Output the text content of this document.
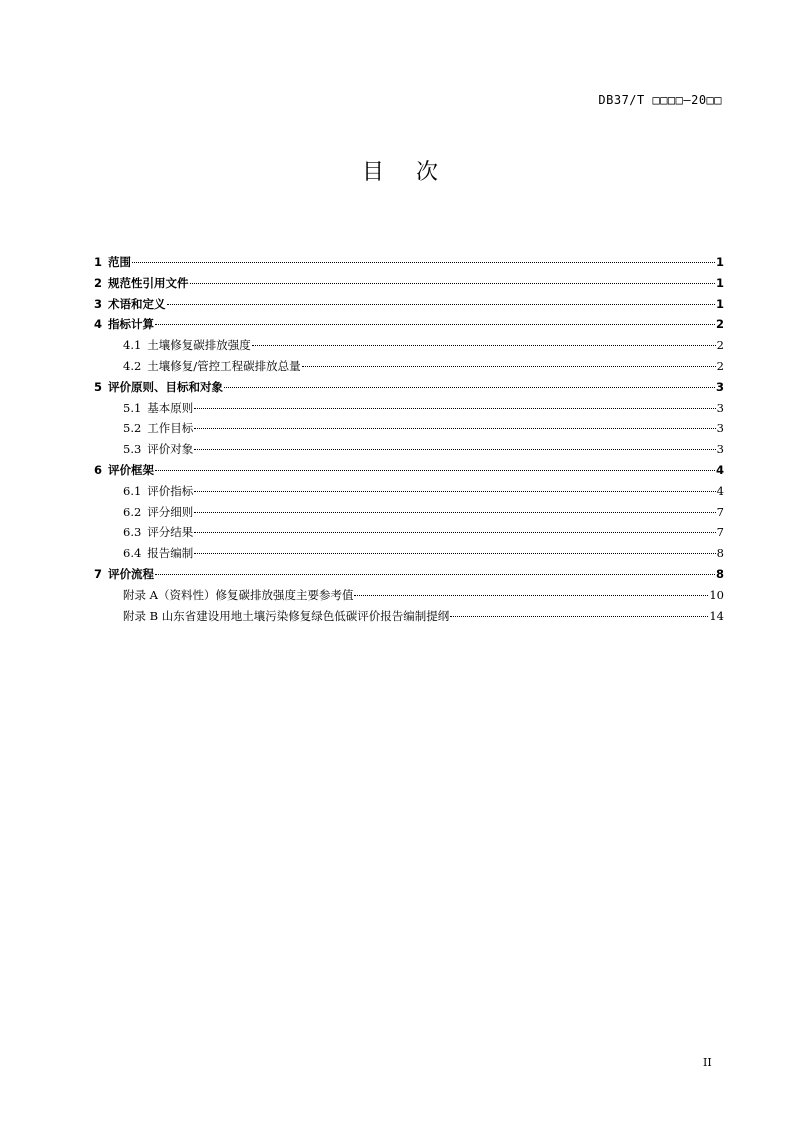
DB37/T □□□□—20□□
目次
1 范围	1
2 规范性引用文件	1
3 术语和定义	1
4 指标计算	2
4.1 土壤修复碳排放强度	2
4.2 土壤修复/管控工程碳排放总量	2
5 评价原则、目标和对象	3
5.1 基本原则	3
5.2 工作目标	3
5.3 评价对象	3
6 评价框架	4
6.1 评价指标	4
6.2 评分细则	7
6.3 评分结果	7
6.4 报告编制	8
7 评价流程	8
附录 A（资料性）修复碳排放强度主要参考值	10
附录 B 山东省建设用地土壤污染修复绿色低碳评价报告编制提纲	14
II
